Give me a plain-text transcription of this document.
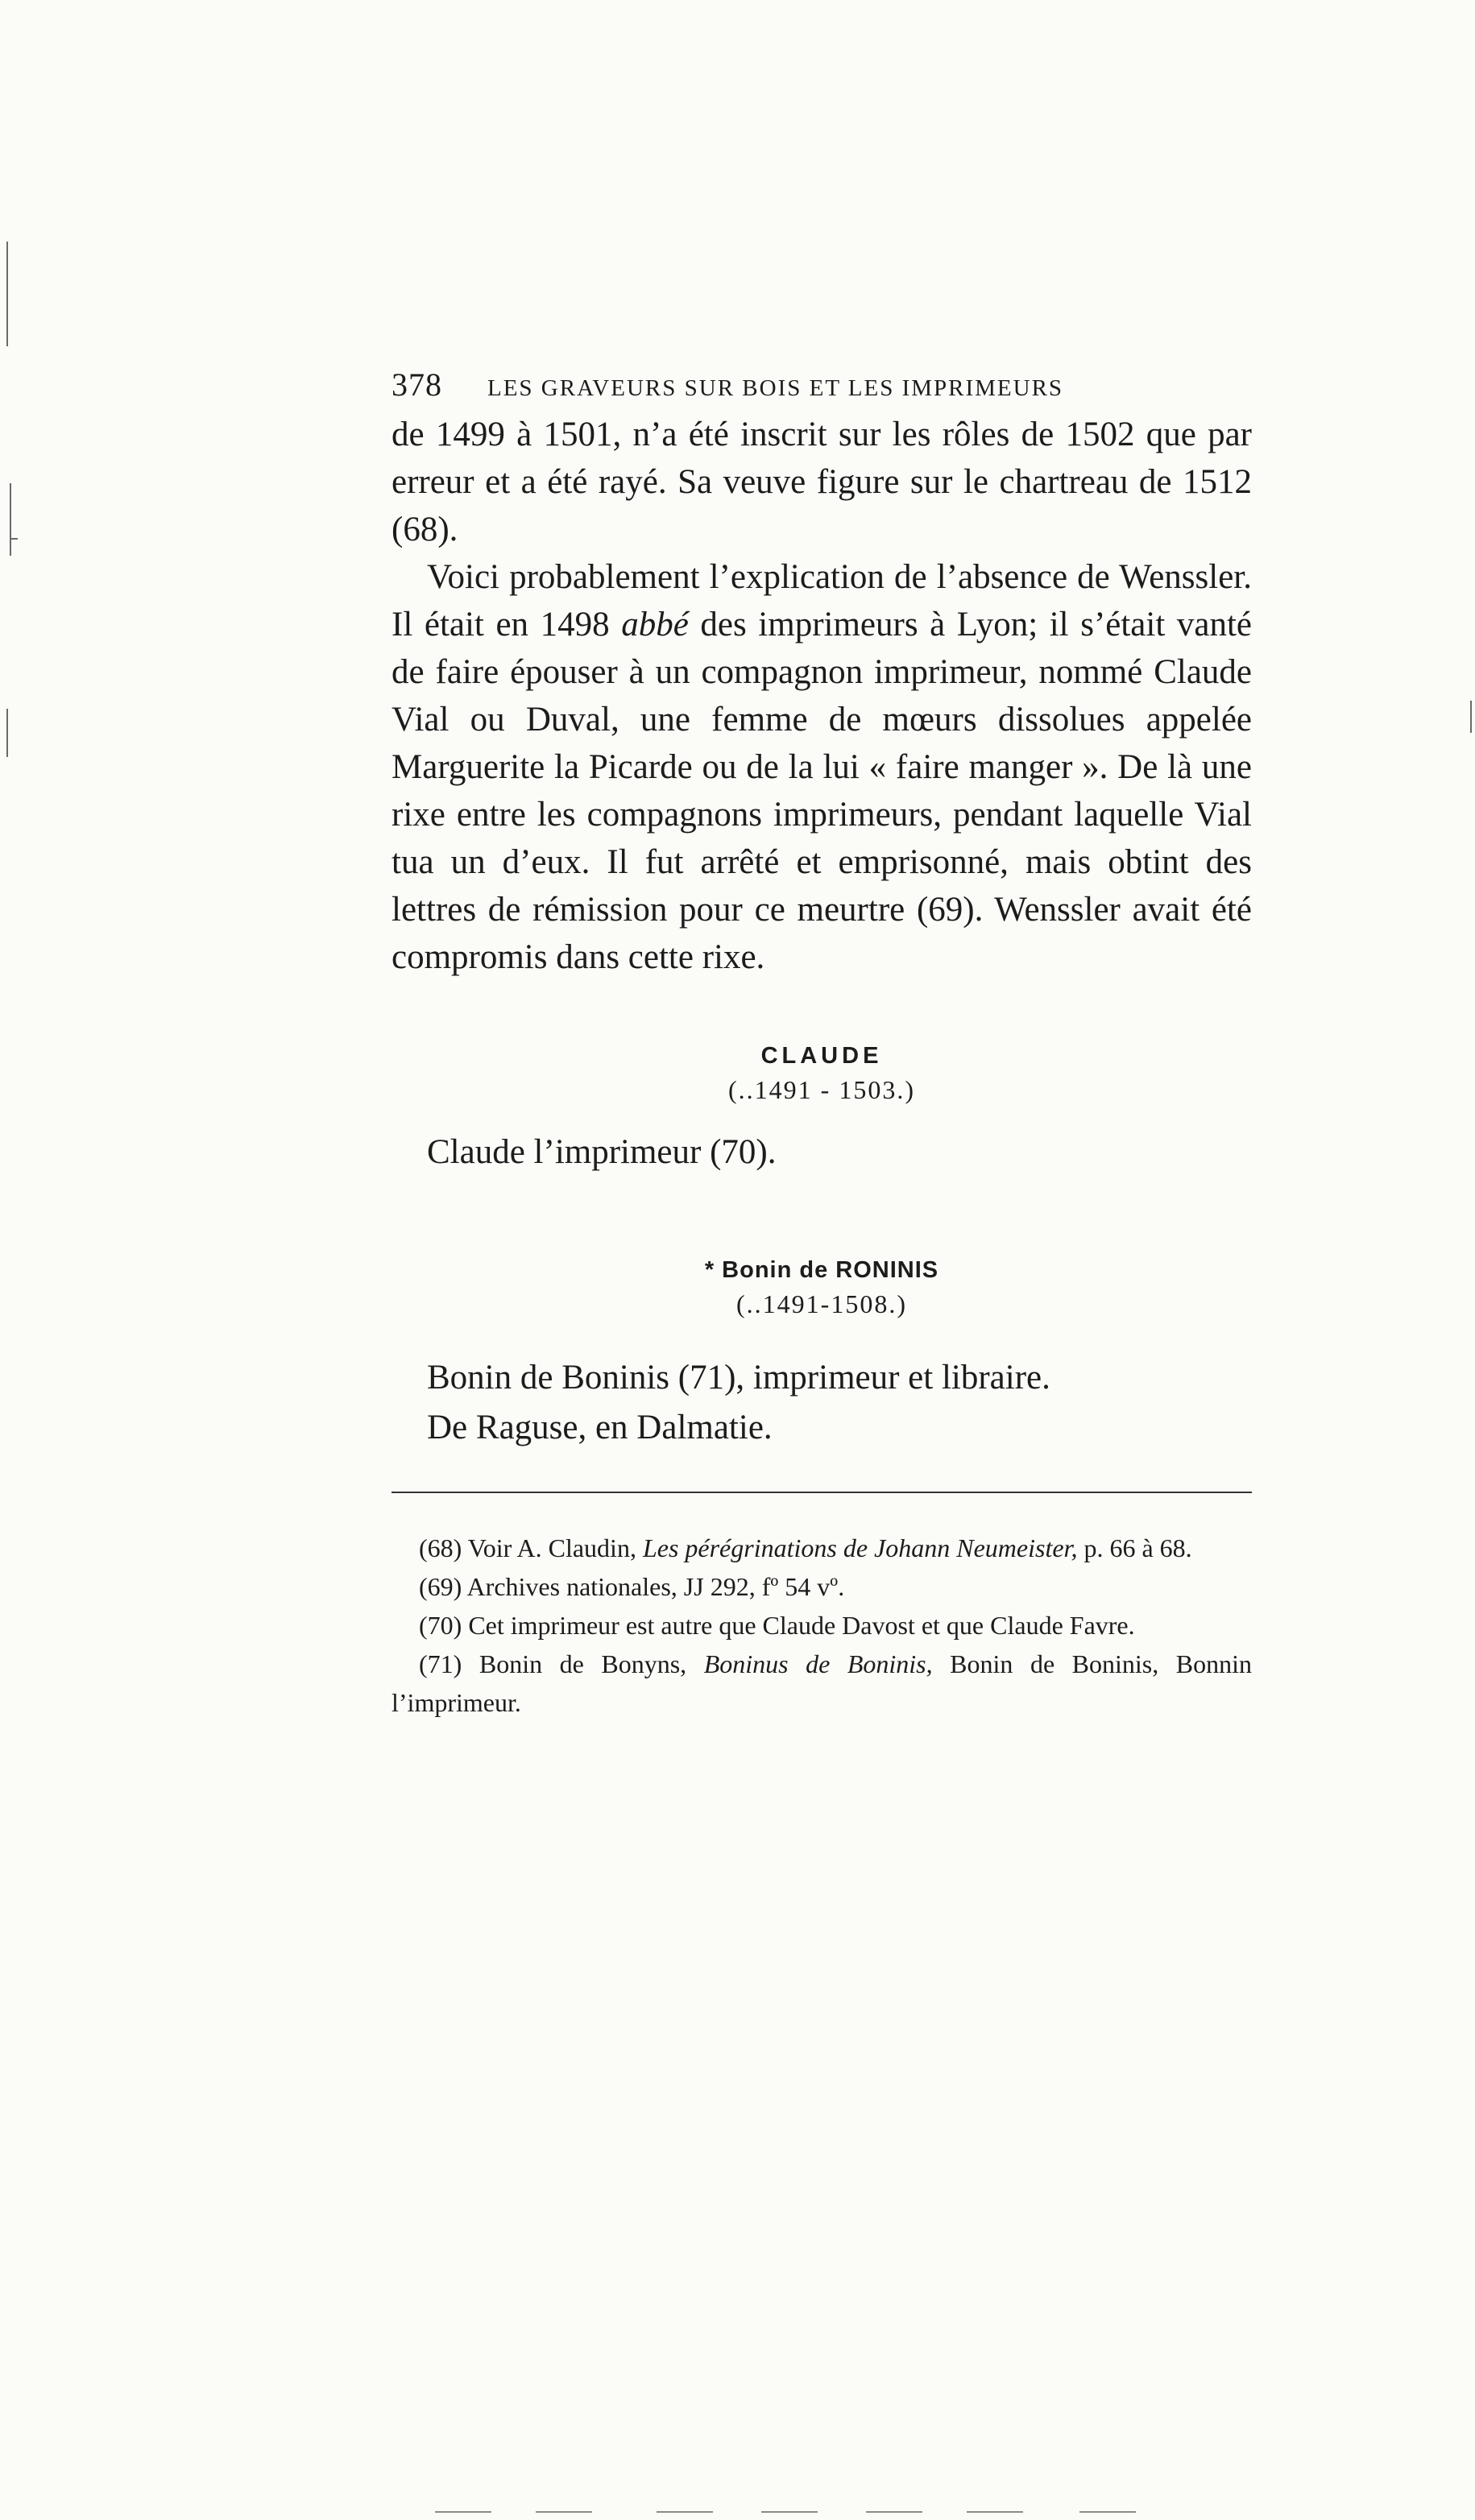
378 LES GRAVEURS SUR BOIS ET LES IMPRIMEURS

de 1499 à 1501, n’a été inscrit sur les rôles de 1502 que par erreur et a été rayé. Sa veuve figure sur le chartreau de 1512 (68).

Voici probablement l’explication de l’absence de Wenssler. Il était en 1498 abbé des imprimeurs à Lyon; il s’était vanté de faire épouser à un compagnon imprimeur, nommé Claude Vial ou Duval, une femme de mœurs dissolues appelée Marguerite la Picarde ou de la lui « faire manger ». De là une rixe entre les compagnons imprimeurs, pendant laquelle Vial tua un d’eux. Il fut arrêté et emprisonné, mais obtint des lettres de rémission pour ce meurtre (69). Wenssler avait été compromis dans cette rixe.

CLAUDE
(..1491 - 1503.)

Claude l’imprimeur (70).

* Bonin de RONINIS
(..1491-1508.)

Bonin de Boninis (71), imprimeur et libraire.

De Raguse, en Dalmatie.

(68) Voir A. Claudin, Les pérégrinations de Johann Neumeister, p. 66 à 68.

(69) Archives nationales, JJ 292, fº 54 vº.

(70) Cet imprimeur est autre que Claude Davost et que Claude Favre.

(71) Bonin de Bonyns, Boninus de Boninis, Bonin de Boninis, Bonnin l’imprimeur.
